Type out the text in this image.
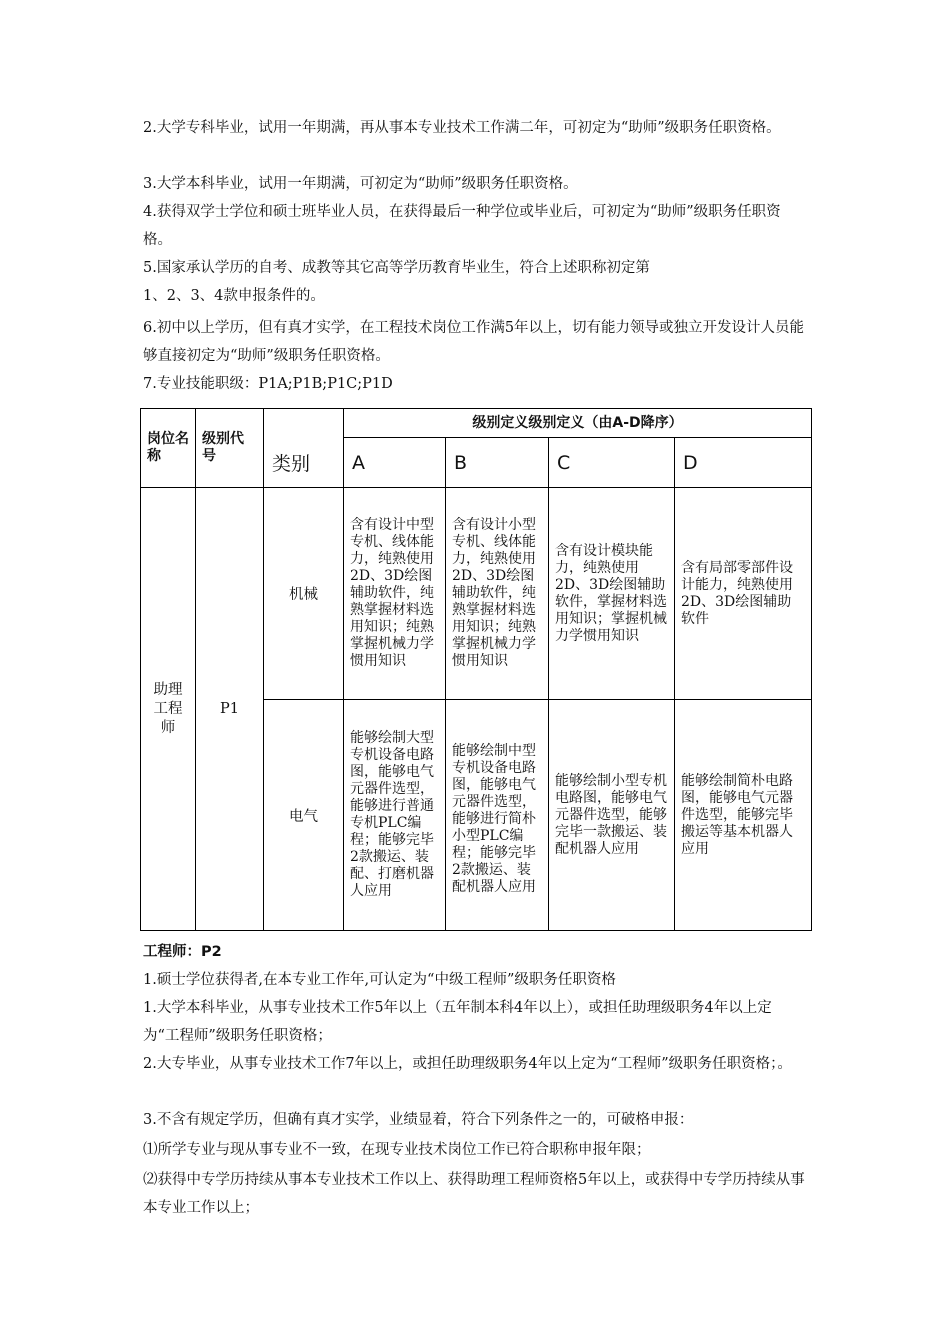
2.大学专科毕业，试用一年期满，再从事本专业技术工作满二年，可初定为“助师”级职务任职资格。

3.大学本科毕业，试用一年期满，可初定为“助师”级职务任职资格。

4.获得双学士学位和硕士班毕业人员，在获得最后一种学位或毕业后，可初定为“助师”级职务任职资格。

5.国家承认学历的自考、成教等其它高等学历教育毕业生，符合上述职称初定第

1、2、3、4款申报条件的。

6.初中以上学历，但有真才实学，在工程技术岗位工作满5年以上，切有能力领导或独立开发设计人员能够直接初定为“助师”级职务任职资格。

7.专业技能职级：P1A;P1B;P1C;P1D

岗位名称	级别代号		级别定义级别定义（由A-D降序）			
		类别	A	B	C	D
助理工程师	P1	机械	含有设计中型专机、线体能力，纯熟使用 2D、3D绘图辅助软件，纯熟掌握材料选用知识；纯熟掌握机械力学惯用知识	含有设计小型专机、线体能力，纯熟使用 2D、3D绘图辅助软件，纯熟掌握材料选用知识；纯熟掌握机械力学惯用知识	含有设计模块能力，纯熟使用2D、3D绘图辅助软件，掌握材料选用知识；掌握机械力学惯用知识	含有局部零部件设计能力，纯熟使用2D、3D绘图辅助软件
		电气	能够绘制大型专机设备电路图，能够电气元器件选型，能够进行普通专机PLC编程；能够完毕2款搬运、装配、打磨机器人应用	能够绘制中型专机设备电路图，能够电气元器件选型，能够进行简朴小型PLC编程；能够完毕2款搬运、装配机器人应用	能够绘制小型专机电路图，能够电气元器件选型，能够完毕一款搬运、装配机器人应用	能够绘制简朴电路图，能够电气元器件选型，能够完毕搬运等基本机器人应用

工程师：P2

1.硕士学位获得者,在本专业工作年,可认定为“中级工程师”级职务任职资格

1.大学本科毕业，从事专业技术工作5年以上（五年制本科4年以上），或担任助理级职务4年以上定为“工程师”级职务任职资格；

2.大专毕业，从事专业技术工作7年以上，或担任助理级职务4年以上定为“工程师”级职务任职资格；。

3.不含有规定学历，但确有真才实学，业绩显着，符合下列条件之一的，可破格申报：

⑴所学专业与现从事专业不一致，在现专业技术岗位工作已符合职称申报年限；

⑵获得中专学历持续从事本专业技术工作以上、获得助理工程师资格5年以上，或获得中专学历持续从事本专业工作以上；
